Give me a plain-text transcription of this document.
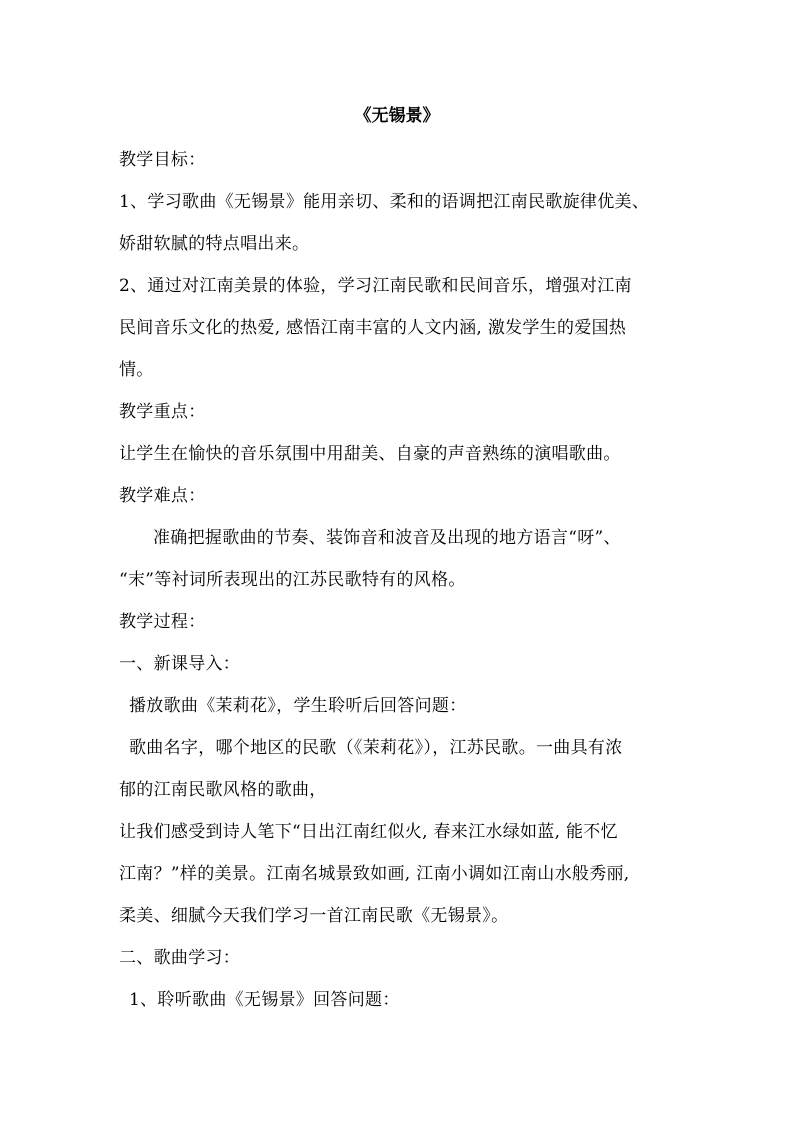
《无锡景》
教学目标：
1、学习歌曲《无锡景》能用亲切、柔和的语调把江南民歌旋律优美、
娇甜软腻的特点唱出来。
2、通过对江南美景的体验，学习江南民歌和民间音乐，增强对江南
民间音乐文化的热爱, 感悟江南丰富的人文内涵, 激发学生的爱国热
情。
教学重点：
让学生在愉快的音乐氛围中用甜美、自豪的声音熟练的演唱歌曲。
教学难点：
准确把握歌曲的节奏、装饰音和波音及出现的地方语言“呀”、
“末”等衬词所表现出的江苏民歌特有的风格。
教学过程：
一、新课导入：
播放歌曲《茉莉花》，学生聆听后回答问题：
歌曲名字，哪个地区的民歌（《茉莉花》），江苏民歌。一曲具有浓
郁的江南民歌风格的歌曲，
让我们感受到诗人笔下“日出江南红似火, 春来江水绿如蓝, 能不忆
江南？”样的美景。江南名城景致如画, 江南小调如江南山水般秀丽,
柔美、细腻今天我们学习一首江南民歌《无锡景》。
二、歌曲学习：
1、聆听歌曲《无锡景》回答问题：
